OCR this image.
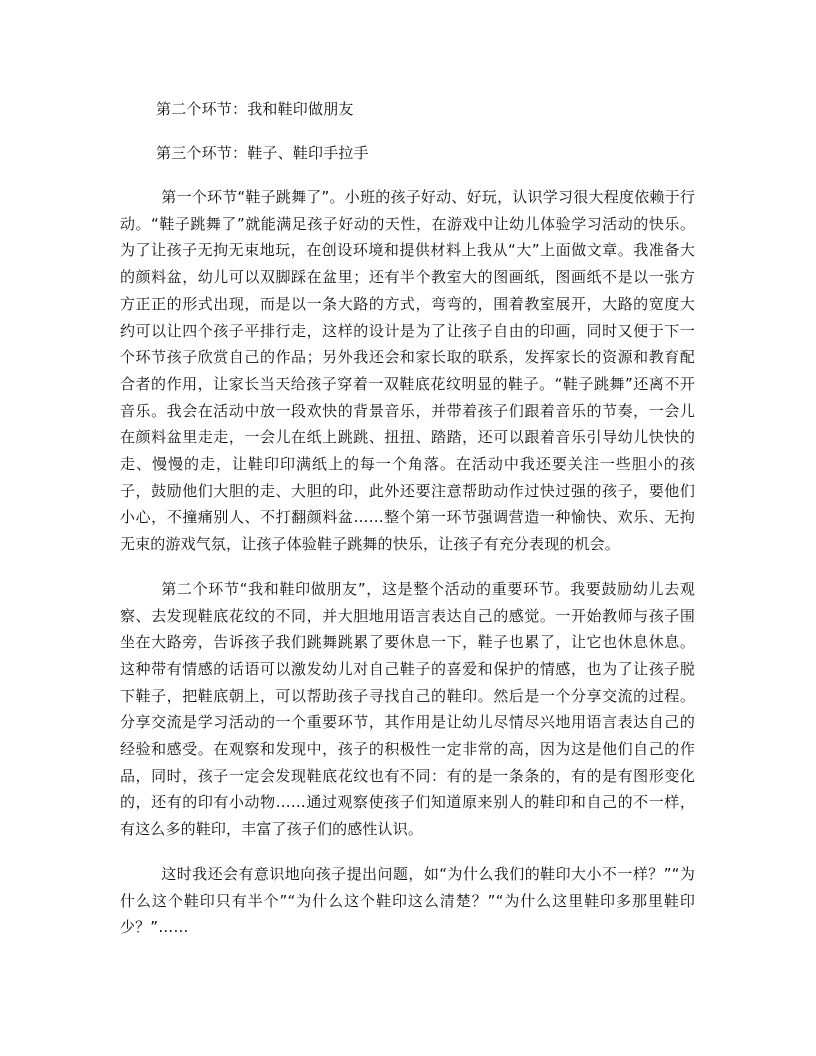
第二个环节：我和鞋印做朋友

第三个环节：鞋子、鞋印手拉手

第一个环节“鞋子跳舞了”。小班的孩子好动、好玩，认识学习很大程度依赖于行动。“鞋子跳舞了”就能满足孩子好动的天性，在游戏中让幼儿体验学习活动的快乐。为了让孩子无拘无束地玩，在创设环境和提供材料上我从“大”上面做文章。我准备大的颜料盆，幼儿可以双脚踩在盆里；还有半个教室大的图画纸，图画纸不是以一张方方正正的形式出现，而是以一条大路的方式，弯弯的，围着教室展开，大路的宽度大约可以让四个孩子平排行走，这样的设计是为了让孩子自由的印画，同时又便于下一个环节孩子欣赏自己的作品；另外我还会和家长取的联系，发挥家长的资源和教育配合者的作用，让家长当天给孩子穿着一双鞋底花纹明显的鞋子。“鞋子跳舞”还离不开音乐。我会在活动中放一段欢快的背景音乐，并带着孩子们跟着音乐的节奏，一会儿在颜料盆里走走，一会儿在纸上跳跳、扭扭、踏踏，还可以跟着音乐引导幼儿快快的走、慢慢的走，让鞋印印满纸上的每一个角落。在活动中我还要关注一些胆小的孩子，鼓励他们大胆的走、大胆的印，此外还要注意帮助动作过快过强的孩子，要他们小心，不撞痛别人、不打翻颜料盆……整个第一环节强调营造一种愉快、欢乐、无拘无束的游戏气氛，让孩子体验鞋子跳舞的快乐，让孩子有充分表现的机会。

第二个环节“我和鞋印做朋友”，这是整个活动的重要环节。我要鼓励幼儿去观察、去发现鞋底花纹的不同，并大胆地用语言表达自己的感觉。一开始教师与孩子围坐在大路旁，告诉孩子我们跳舞跳累了要休息一下，鞋子也累了，让它也休息休息。这种带有情感的话语可以激发幼儿对自己鞋子的喜爱和保护的情感，也为了让孩子脱下鞋子，把鞋底朝上，可以帮助孩子寻找自己的鞋印。然后是一个分享交流的过程。分享交流是学习活动的一个重要环节，其作用是让幼儿尽情尽兴地用语言表达自己的经验和感受。在观察和发现中，孩子的积极性一定非常的高，因为这是他们自己的作品，同时，孩子一定会发现鞋底花纹也有不同：有的是一条条的，有的是有图形变化的，还有的印有小动物……通过观察使孩子们知道原来别人的鞋印和自己的不一样，有这么多的鞋印，丰富了孩子们的感性认识。

这时我还会有意识地向孩子提出问题，如“为什么我们的鞋印大小不一样？”“为什么这个鞋印只有半个”“为什么这个鞋印这么清楚？”“为什么这里鞋印多那里鞋印少？”……
